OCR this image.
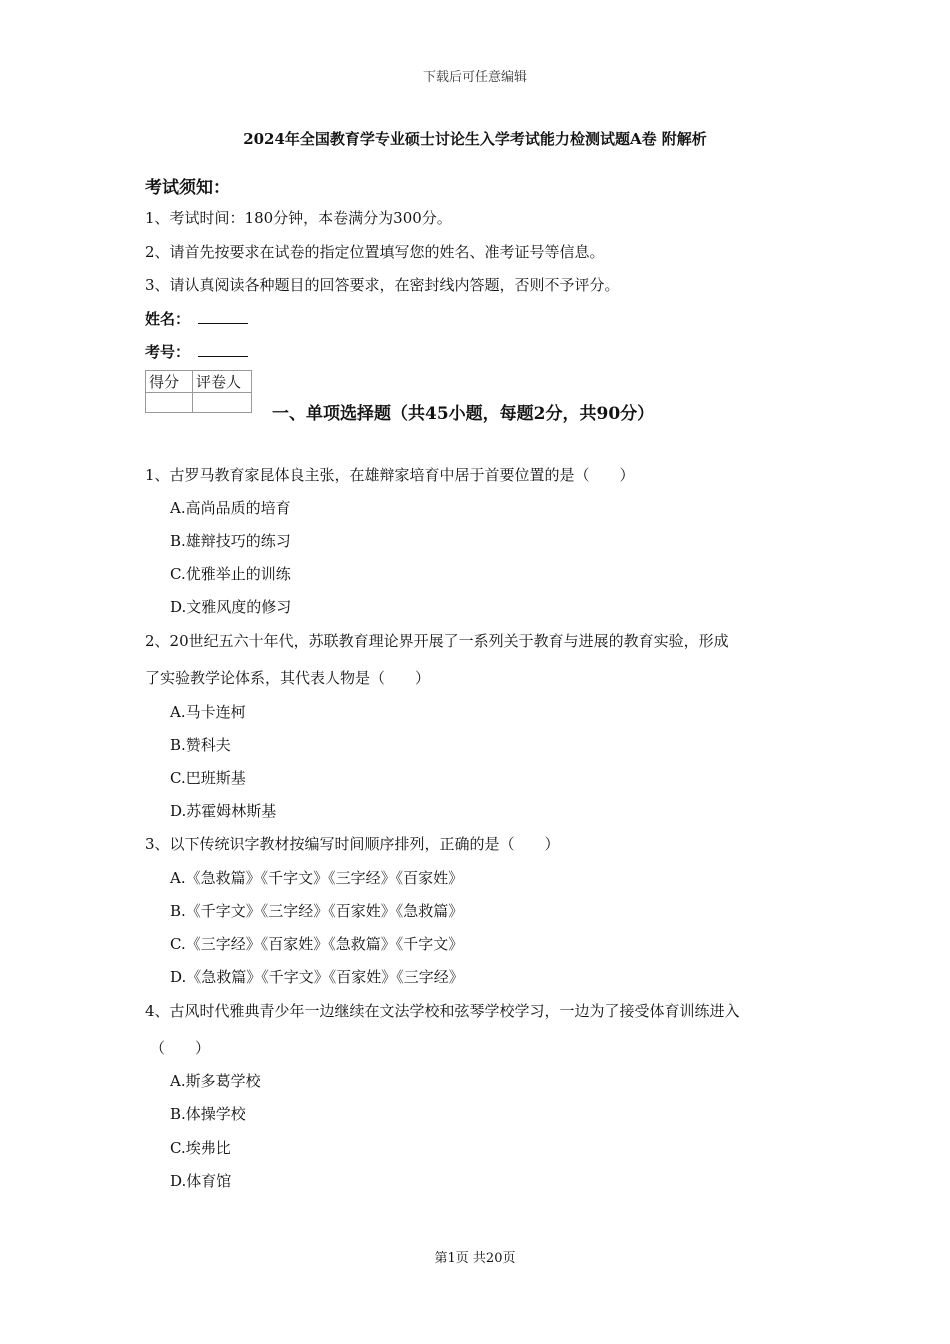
下载后可任意编辑
2024年全国教育学专业硕士讨论生入学考试能力检测试题A卷 附解析
考试须知：
1、考试时间：180分钟，本卷满分为300分。
2、请首先按要求在试卷的指定位置填写您的姓名、准考证号等信息。
3、请认真阅读各种题目的回答要求，在密封线内答题，否则不予评分。
姓名：
考号：
得分	评卷人

一、单项选择题（共45小题，每题2分，共90分）
1、古罗马教育家昆体良主张，在雄辩家培育中居于首要位置的是（　　）
A.高尚品质的培育
B.雄辩技巧的练习
C.优雅举止的训练
D.文雅风度的修习
2、20世纪五六十年代，苏联教育理论界开展了一系列关于教育与进展的教育实验，形成
了实验教学论体系，其代表人物是（　　）
A.马卡连柯
B.赞科夫
C.巴班斯基
D.苏霍姆林斯基
3、以下传统识字教材按编写时间顺序排列，正确的是（　　）
A.《急救篇》《千字文》《三字经》《百家姓》
B.《千字文》《三字经》《百家姓》《急救篇》
C.《三字经》《百家姓》《急救篇》《千字文》
D.《急救篇》《千字文》《百家姓》《三字经》
4、古风时代雅典青少年一边继续在文法学校和弦琴学校学习，一边为了接受体育训练进入
（　　）
A.斯多葛学校
B.体操学校
C.埃弗比
D.体育馆
第1页 共20页
